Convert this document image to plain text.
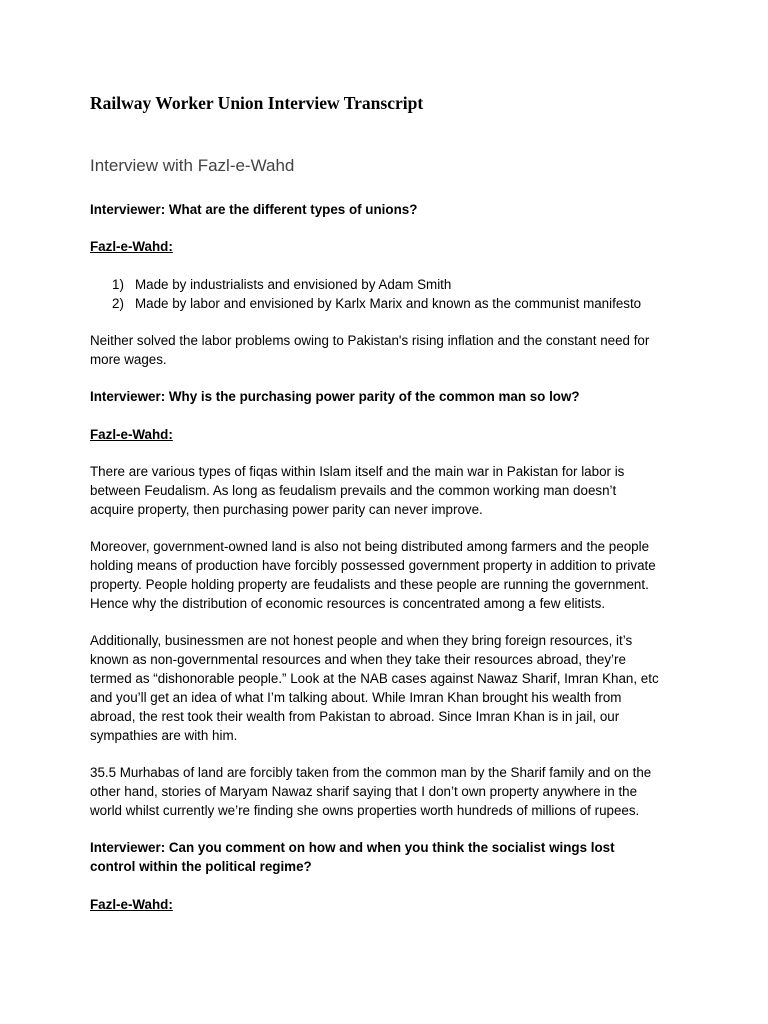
Railway Worker Union Interview Transcript
Interview with Fazl-e-Wahd

Interviewer: What are the different types of unions?

Fazl-e-Wahd:

1) Made by industrialists and envisioned by Adam Smith
2) Made by labor and envisioned by Karlx Marix and known as the communist manifesto

Neither solved the labor problems owing to Pakistan's rising inflation and the constant need for

more wages.

Interviewer: Why is the purchasing power parity of the common man so low?

Fazl-e-Wahd:

There are various types of fiqas within Islam itself and the main war in Pakistan for labor is

between Feudalism. As long as feudalism prevails and the common working man doesn’t

acquire property, then purchasing power parity can never improve.

Moreover, government-owned land is also not being distributed among farmers and the people

holding means of production have forcibly possessed government property in addition to private

property. People holding property are feudalists and these people are running the government.

Hence why the distribution of economic resources is concentrated among a few elitists.

Additionally, businessmen are not honest people and when they bring foreign resources, it’s

known as non-governmental resources and when they take their resources abroad, they’re

termed as “dishonorable people.” Look at the NAB cases against Nawaz Sharif, Imran Khan, etc

and you’ll get an idea of what I’m talking about. While Imran Khan brought his wealth from

abroad, the rest took their wealth from Pakistan to abroad. Since Imran Khan is in jail, our

sympathies are with him.

35.5 Murhabas of land are forcibly taken from the common man by the Sharif family and on the

other hand, stories of Maryam Nawaz sharif saying that I don’t own property anywhere in the

world whilst currently we’re finding she owns properties worth hundreds of millions of rupees.

Interviewer: Can you comment on how and when you think the socialist wings lost

control within the political regime?

Fazl-e-Wahd:
